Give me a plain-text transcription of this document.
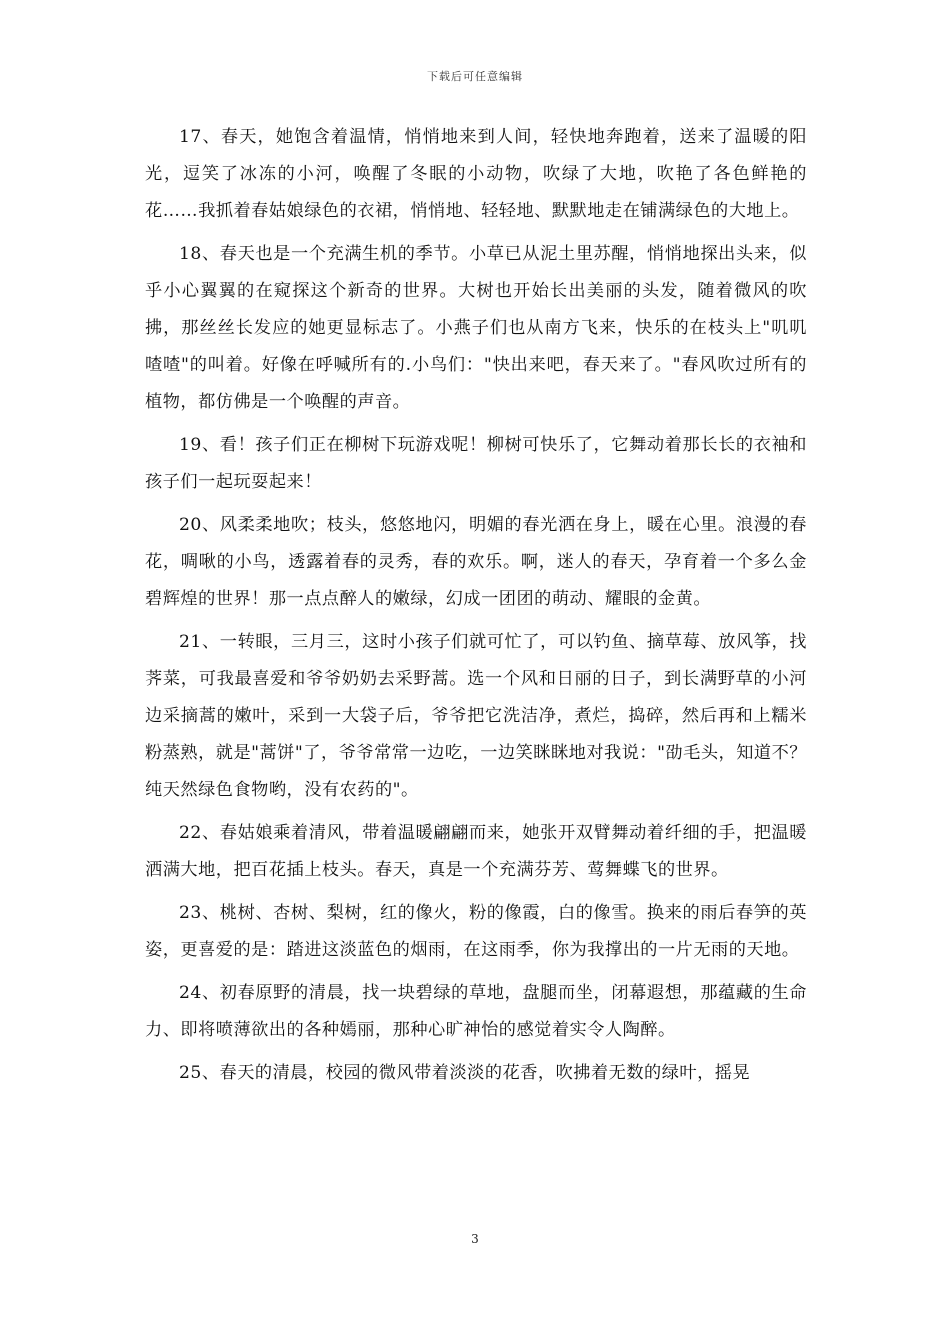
下载后可任意编辑

17、春天，她饱含着温情，悄悄地来到人间，轻快地奔跑着，送来了温暖的阳光，逗笑了冰冻的小河，唤醒了冬眠的小动物，吹绿了大地，吹艳了各色鲜艳的花……我抓着春姑娘绿色的衣裙，悄悄地、轻轻地、默默地走在铺满绿色的大地上。

18、春天也是一个充满生机的季节。小草已从泥土里苏醒，悄悄地探出头来，似乎小心翼翼的在窥探这个新奇的世界。大树也开始长出美丽的头发，随着微风的吹拂，那丝丝长发应的她更显标志了。小燕子们也从南方飞来，快乐的在枝头上"叽叽喳喳"的叫着。好像在呼喊所有的.小鸟们："快出来吧，春天来了。"春风吹过所有的植物，都仿佛是一个唤醒的声音。

19、看！孩子们正在柳树下玩游戏呢！柳树可快乐了，它舞动着那长长的衣袖和孩子们一起玩耍起来！

20、风柔柔地吹；枝头，悠悠地闪，明媚的春光洒在身上，暖在心里。浪漫的春花，啁啾的小鸟，透露着春的灵秀，春的欢乐。啊，迷人的春天，孕育着一个多么金碧辉煌的世界！那一点点醉人的嫩绿，幻成一团团的萌动、耀眼的金黄。

21、一转眼，三月三，这时小孩子们就可忙了，可以钓鱼、摘草莓、放风筝，找荠菜，可我最喜爱和爷爷奶奶去采野蒿。选一个风和日丽的日子，到长满野草的小河边采摘蒿的嫩叶，采到一大袋子后，爷爷把它洗洁净，煮烂，捣碎，然后再和上糯米粉蒸熟，就是"蒿饼"了，爷爷常常一边吃，一边笑眯眯地对我说："劭毛头，知道不？纯天然绿色食物哟，没有农药的"。

22、春姑娘乘着清风，带着温暖翩翩而来，她张开双臂舞动着纤细的手，把温暖洒满大地，把百花插上枝头。春天，真是一个充满芬芳、莺舞蝶飞的世界。

23、桃树、杏树、梨树，红的像火，粉的像霞，白的像雪。换来的雨后春笋的英姿，更喜爱的是：踏进这淡蓝色的烟雨，在这雨季，你为我撑出的一片无雨的天地。

24、初春原野的清晨，找一块碧绿的草地，盘腿而坐，闭幕遐想，那蕴藏的生命力、即将喷薄欲出的各种嫣丽，那种心旷神怡的感觉着实令人陶醉。

25、春天的清晨，校园的微风带着淡淡的花香，吹拂着无数的绿叶，摇晃

3
